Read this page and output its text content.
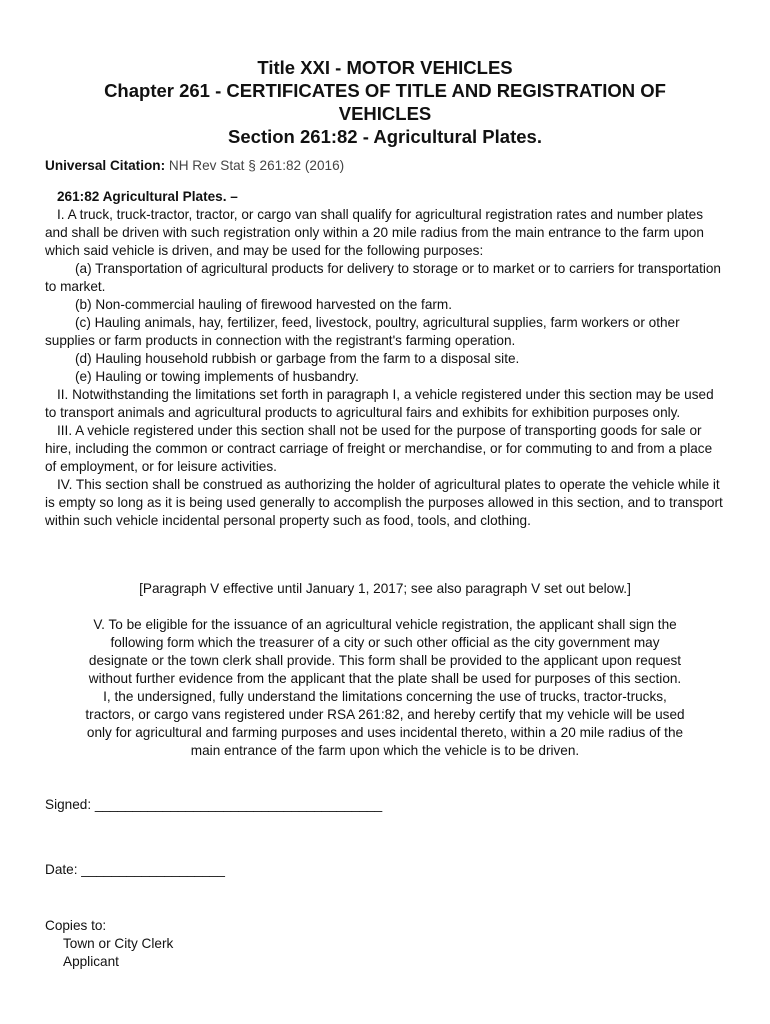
Title XXI - MOTOR VEHICLES
Chapter 261 - CERTIFICATES OF TITLE AND REGISTRATION OF
VEHICLES
Section 261:82 - Agricultural Plates.
Universal Citation: NH Rev Stat § 261:82 (2016)
261:82 Agricultural Plates. –
I. A truck, truck-tractor, tractor, or cargo van shall qualify for agricultural registration rates and number plates and shall be driven with such registration only within a 20 mile radius from the main entrance to the farm upon which said vehicle is driven, and may be used for the following purposes:
(a) Transportation of agricultural products for delivery to storage or to market or to carriers for transportation to market.
(b) Non-commercial hauling of firewood harvested on the farm.
(c) Hauling animals, hay, fertilizer, feed, livestock, poultry, agricultural supplies, farm workers or other supplies or farm products in connection with the registrant's farming operation.
(d) Hauling household rubbish or garbage from the farm to a disposal site.
(e) Hauling or towing implements of husbandry.
II. Notwithstanding the limitations set forth in paragraph I, a vehicle registered under this section may be used to transport animals and agricultural products to agricultural fairs and exhibits for exhibition purposes only.
III. A vehicle registered under this section shall not be used for the purpose of transporting goods for sale or hire, including the common or contract carriage of freight or merchandise, or for commuting to and from a place of employment, or for leisure activities.
IV. This section shall be construed as authorizing the holder of agricultural plates to operate the vehicle while it is empty so long as it is being used generally to accomplish the purposes allowed in this section, and to transport within such vehicle incidental personal property such as food, tools, and clothing.
[Paragraph V effective until January 1, 2017; see also paragraph V set out below.]
V. To be eligible for the issuance of an agricultural vehicle registration, the applicant shall sign the
following form which the treasurer of a city or such other official as the city government may
designate or the town clerk shall provide. This form shall be provided to the applicant upon request
without further evidence from the applicant that the plate shall be used for purposes of this section.
I, the undersigned, fully understand the limitations concerning the use of trucks, tractor-trucks,
tractors, or cargo vans registered under RSA 261:82, and hereby certify that my vehicle will be used
only for agricultural and farming purposes and uses incidental thereto, within a 20 mile radius of the
main entrance of the farm upon which the vehicle is to be driven.
Signed: ______________________________________
Date: ___________________
Copies to:
Town or City Clerk
Applicant
